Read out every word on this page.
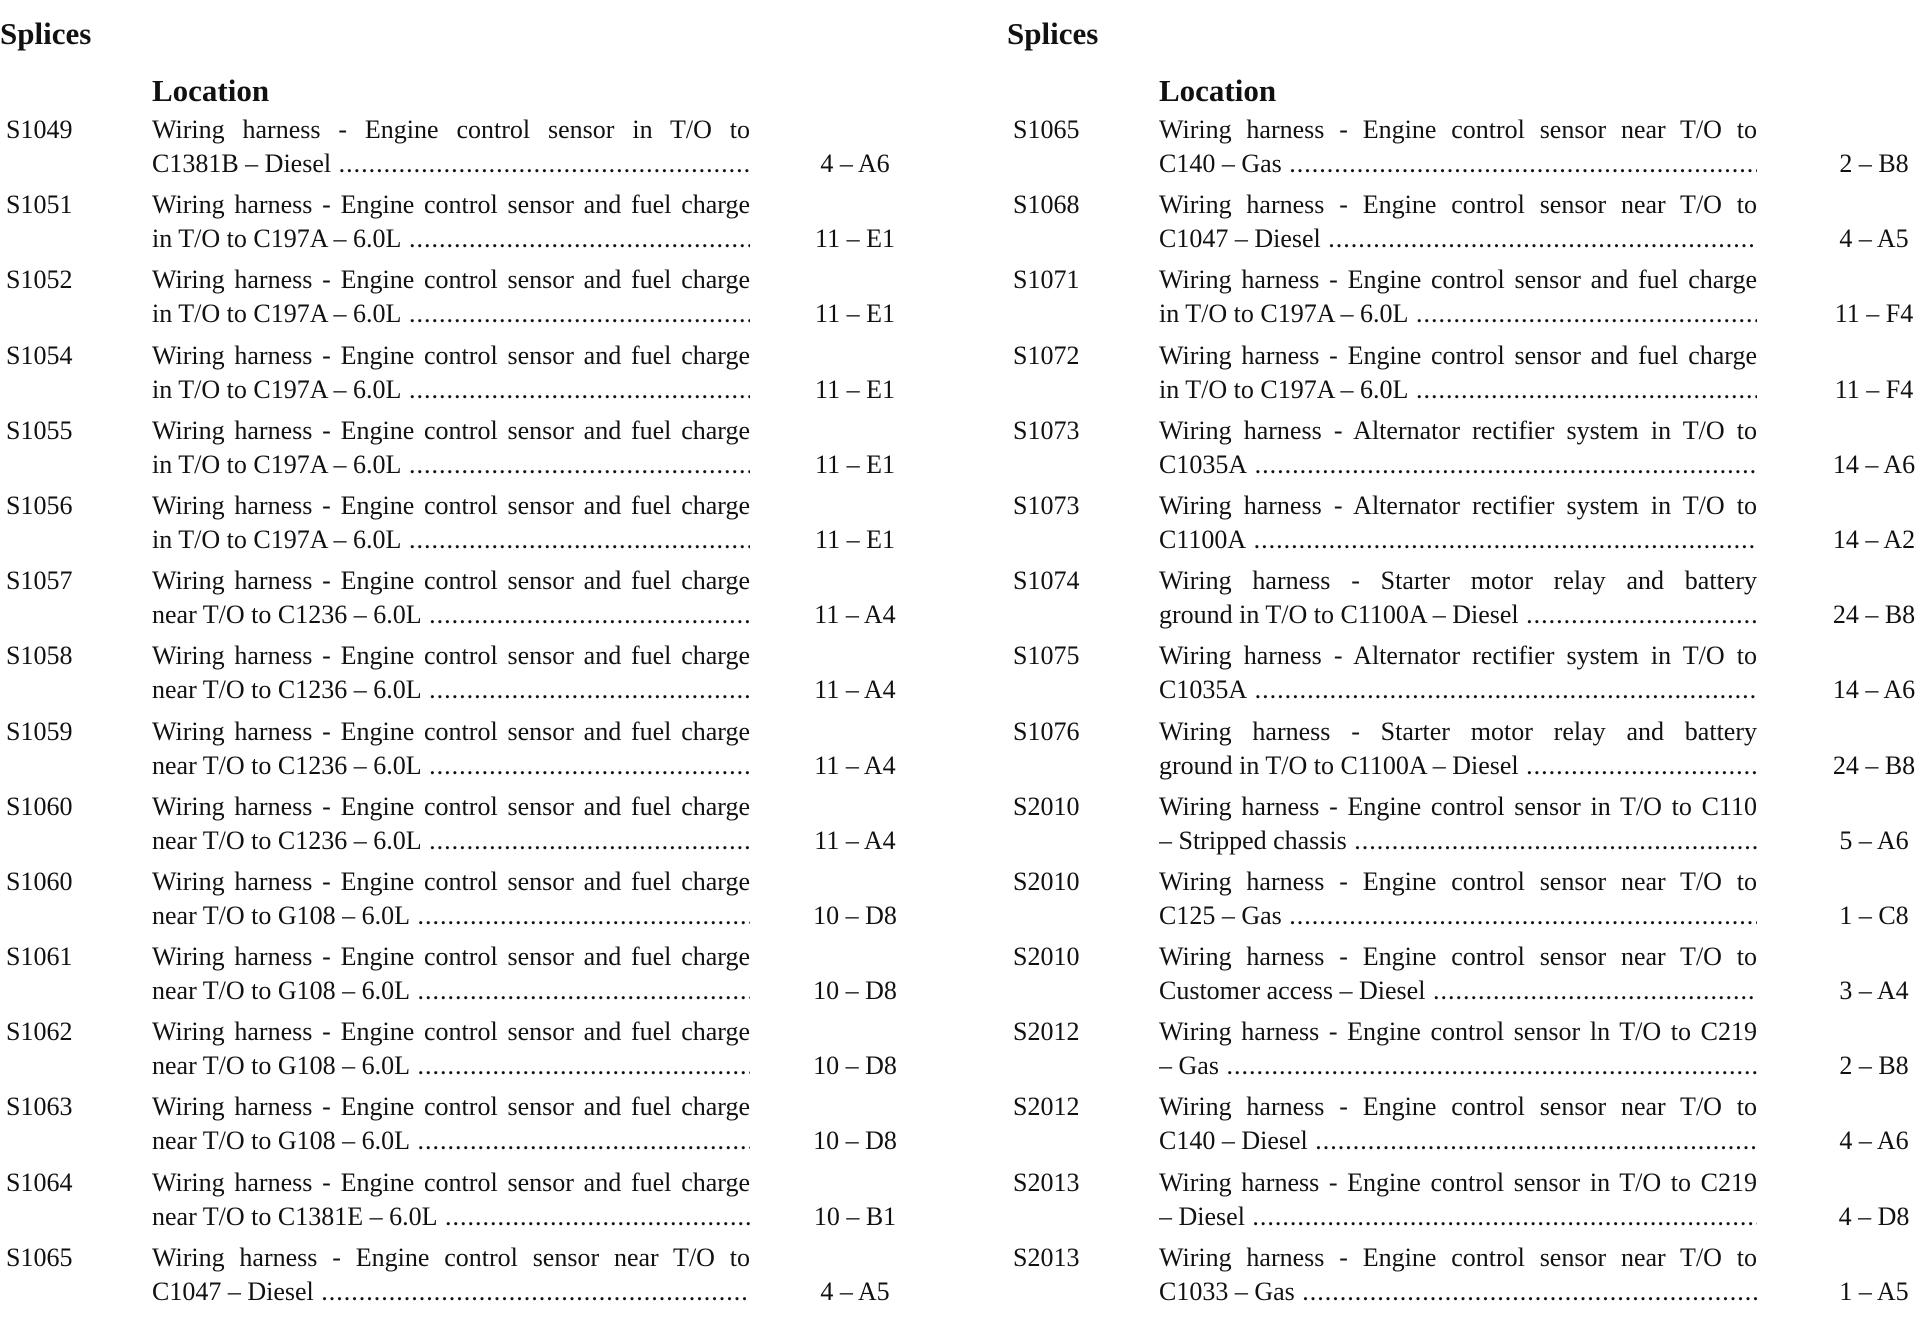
Splices
Location
S1049	Wiring harness - Engine control sensor in T/O to
C1381B – Diesel .....	4 – A6
S1051	Wiring harness - Engine control sensor and fuel charge
in T/O to C197A – 6.0L .....	11 – E1
S1052	Wiring harness - Engine control sensor and fuel charge
in T/O to C197A – 6.0L .....	11 – E1
S1054	Wiring harness - Engine control sensor and fuel charge
in T/O to C197A – 6.0L .....	11 – E1
S1055	Wiring harness - Engine control sensor and fuel charge
in T/O to C197A – 6.0L .....	11 – E1
S1056	Wiring harness - Engine control sensor and fuel charge
in T/O to C197A – 6.0L .....	11 – E1
S1057	Wiring harness - Engine control sensor and fuel charge
near T/O to C1236 – 6.0L .....	11 – A4
S1058	Wiring harness - Engine control sensor and fuel charge
near T/O to C1236 – 6.0L .....	11 – A4
S1059	Wiring harness - Engine control sensor and fuel charge
near T/O to C1236 – 6.0L .....	11 – A4
S1060	Wiring harness - Engine control sensor and fuel charge
near T/O to C1236 – 6.0L .....	11 – A4
S1060	Wiring harness - Engine control sensor and fuel charge
near T/O to G108 – 6.0L .....	10 – D8
S1061	Wiring harness - Engine control sensor and fuel charge
near T/O to G108 – 6.0L .....	10 – D8
S1062	Wiring harness - Engine control sensor and fuel charge
near T/O to G108 – 6.0L .....	10 – D8
S1063	Wiring harness - Engine control sensor and fuel charge
near T/O to G108 – 6.0L .....	10 – D8
S1064	Wiring harness - Engine control sensor and fuel charge
near T/O to C1381E – 6.0L .....	10 – B1
S1065	Wiring harness - Engine control sensor near T/O to
C1047 – Diesel .....	4 – A5
Splices
Location
S1065	Wiring harness - Engine control sensor near T/O to
C140 – Gas .....	2 – B8
S1068	Wiring harness - Engine control sensor near T/O to
C1047 – Diesel .....	4 – A5
S1071	Wiring harness - Engine control sensor and fuel charge
in T/O to C197A – 6.0L .....	11 – F4
S1072	Wiring harness - Engine control sensor and fuel charge
in T/O to C197A – 6.0L .....	11 – F4
S1073	Wiring harness - Alternator rectifier system in T/O to
C1035A .....	14 – A6
S1073	Wiring harness - Alternator rectifier system in T/O to
C1100A .....	14 – A2
S1074	Wiring harness - Starter motor relay and battery
ground in T/O to C1100A – Diesel .....	24 – B8
S1075	Wiring harness - Alternator rectifier system in T/O to
C1035A .....	14 – A6
S1076	Wiring harness - Starter motor relay and battery
ground in T/O to C1100A – Diesel .....	24 – B8
S2010	Wiring harness - Engine control sensor in T/O to C110
– Stripped chassis .....	5 – A6
S2010	Wiring harness - Engine control sensor near T/O to
C125 – Gas .....	1 – C8
S2010	Wiring harness - Engine control sensor near T/O to
Customer access – Diesel .....	3 – A4
S2012	Wiring harness - Engine control sensor ln T/O to C219
– Gas .....	2 – B8
S2012	Wiring harness - Engine control sensor near T/O to
C140 – Diesel .....	4 – A6
S2013	Wiring harness - Engine control sensor in T/O to C219
– Diesel .....	4 – D8
S2013	Wiring harness - Engine control sensor near T/O to
C1033 – Gas .....	1 – A5
